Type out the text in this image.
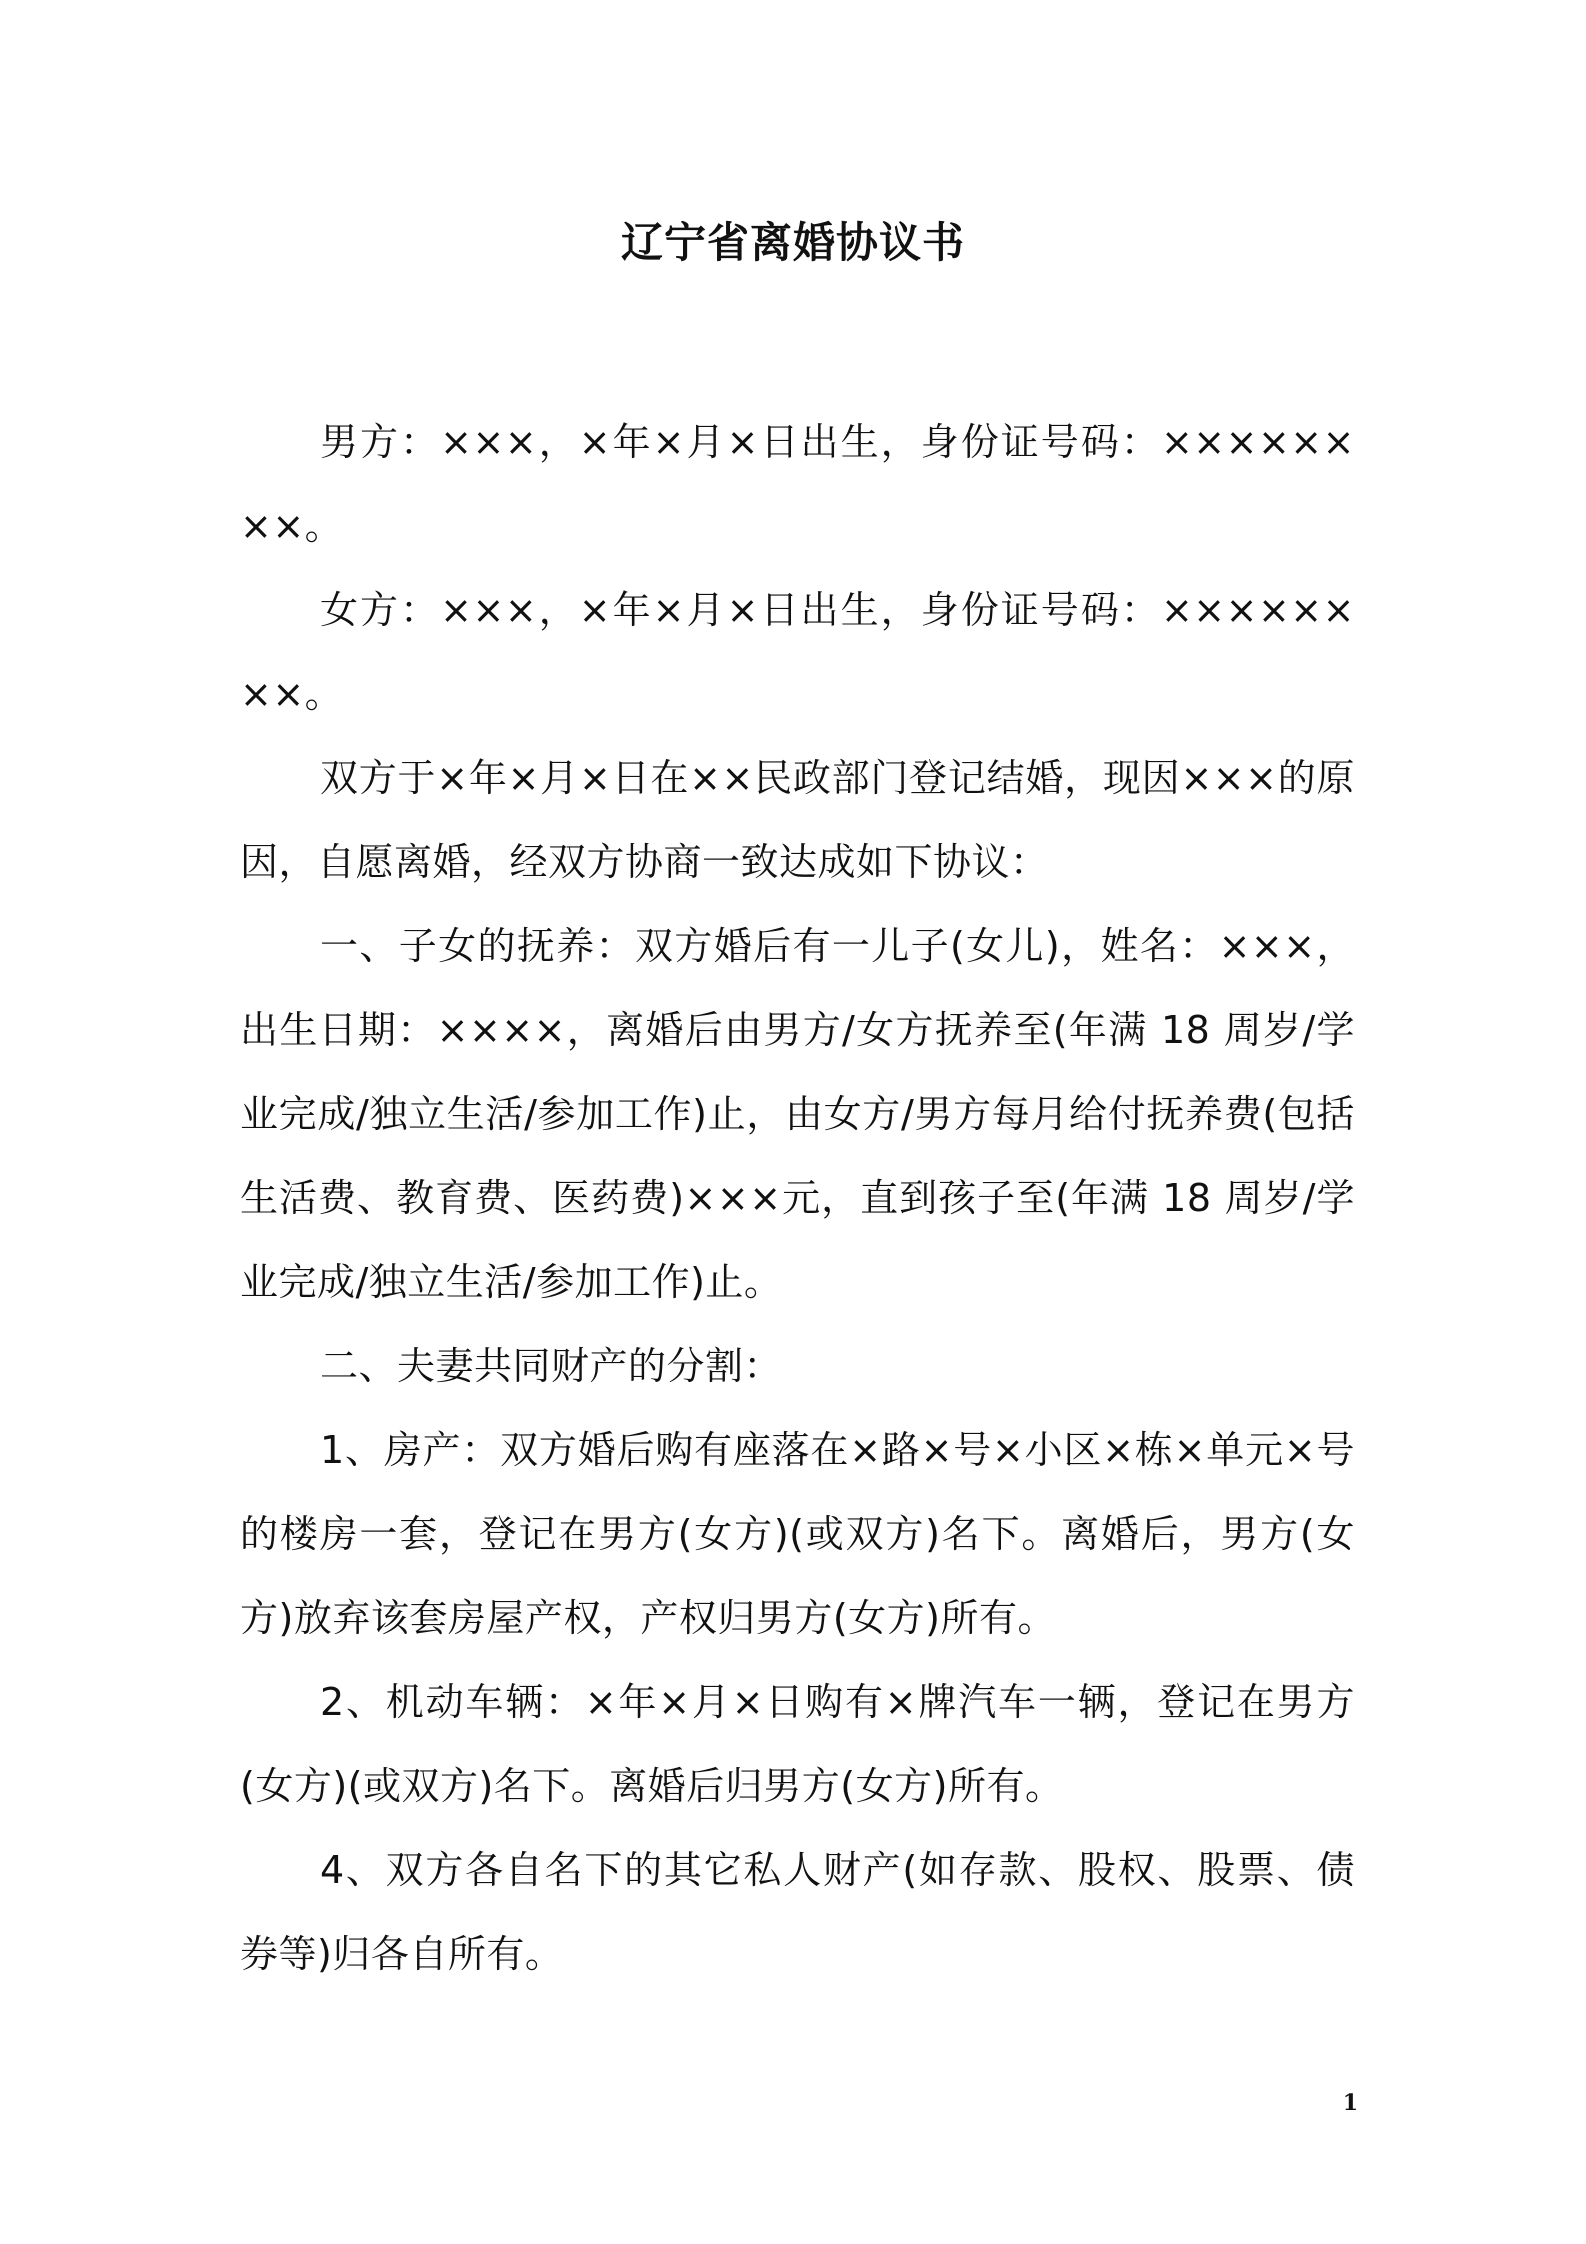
辽宁省离婚协议书

男方：×××，×年×月×日出生，身份证号码：××××××××。

女方：×××，×年×月×日出生，身份证号码：××××××××。

双方于×年×月×日在××民政部门登记结婚，现因×××的原因，自愿离婚，经双方协商一致达成如下协议：

一、子女的抚养：双方婚后有一儿子(女儿)，姓名：×××，出生日期：××××，离婚后由男方/女方抚养至(年满 18 周岁/学业完成/独立生活/参加工作)止，由女方/男方每月给付抚养费(包括生活费、教育费、医药费)×××元，直到孩子至(年满 18 周岁/学业完成/独立生活/参加工作)止。

二、夫妻共同财产的分割：

1、房产：双方婚后购有座落在×路×号×小区×栋×单元×号的楼房一套，登记在男方(女方)(或双方)名下。离婚后，男方(女方)放弃该套房屋产权，产权归男方(女方)所有。

2、机动车辆：×年×月×日购有×牌汽车一辆，登记在男方(女方)(或双方)名下。离婚后归男方(女方)所有。

4、双方各自名下的其它私人财产(如存款、股权、股票、债券等)归各自所有。

1
